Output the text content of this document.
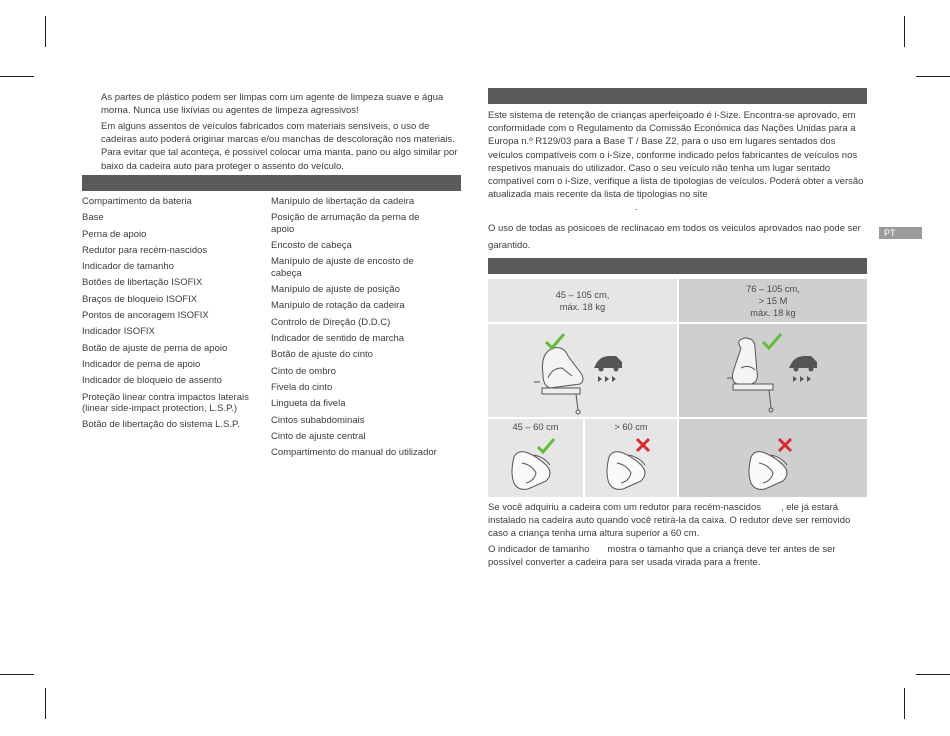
As partes de plástico podem ser limpas com um agente de limpeza suave e água morna. Nunca use lixívias ou agentes de limpeza agressivos!
Em alguns assentos de veículos fabricados com materiais sensíveis, o uso de cadeiras auto poderá originar marcas e/ou manchas de descoloração nos materiais. Para evitar que tal aconteça, é possível colocar uma manta, pano ou algo similar por baixo da cadeira auto para proteger o assento do veículo.
Compartimento da bateria
Base
Perna de apoio
Redutor para recém-nascidos
Indicador de tamanho
Botões de libertação ISOFIX
Braços de bloqueio ISOFIX
Pontos de ancoragem ISOFIX
Indicador ISOFIX
Botão de ajuste de perna de apoio
Indicador de perna de apoio
Indicador de bloqueio de assento
Proteção linear contra impactos laterais (linear side-impact protection, L.S.P.)
Botão de libertação do sistema L.S.P.
Manípulo de libertação da cadeira
Posição de arrumação da perna de apoio
Encosto de cabeça
Manípulo de ajuste de encosto de cabeça
Manípulo de ajuste de posição
Manípulo de rotação da cadeira
Controlo de Direção (D.D.C)
Indicador de sentido de marcha
Botão de ajuste do cinto
Cinto de ombro
Fivela do cinto
Lingueta da fivela
Cintos subabdominais
Cinto de ajuste central
Compartimento do manual do utilizador
Este sistema de retenção de crianças aperfeiçoado é i-Size. Encontra-se aprovado, em conformidade com o Regulamento da Comissão Económica das Nações Unidas para a Europa n.º R129/03 para a Base T / Base Z2, para o uso em lugares sentados dos veículos compatíveis com o i-Size, conforme indicado pelos fabricantes de veículos nos respetivos manuais do utilizador. Caso o seu veículo não tenha um lugar sentado compatível com o i-Size, verifique a lista de tipologias de veículos. Poderá obter a versão atualizada mais recente da lista de tipologias no site
.
O uso de todas as posicoes de reclinacao em todos os veiculos aprovados nao pode ser garantido.
PT
45 – 105 cm,
máx. 18 kg
76 – 105 cm,
> 15 M
máx. 18 kg
45 – 60 cm	> 60 cm
Se você adquiriu a cadeira com um redutor para recém-nascidos , ele já estará instalado na cadeira auto quando você retirá-la da caixa. O redutor deve ser removido caso a criança tenha uma altura superior a 60 cm.
O indicador de tamanho mostra o tamanho que a criança deve ter antes de ser possível converter a cadeira para ser usada virada para a frente.
